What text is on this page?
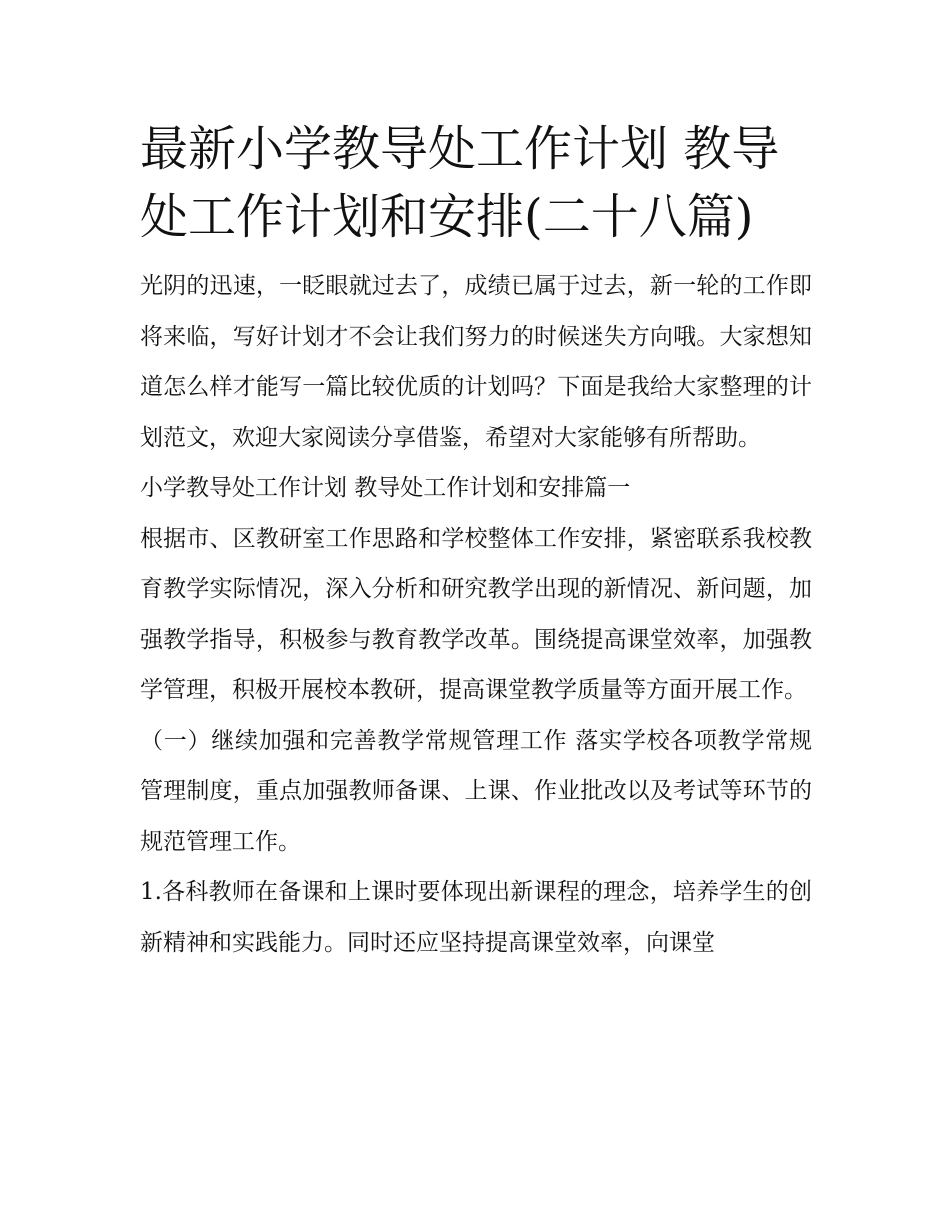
最新小学教导处工作计划 教导处工作计划和安排(二十八篇)

光阴的迅速，一眨眼就过去了，成绩已属于过去，新一轮的工作即将来临，写好计划才不会让我们努力的时候迷失方向哦。大家想知道怎么样才能写一篇比较优质的计划吗？下面是我给大家整理的计划范文，欢迎大家阅读分享借鉴，希望对大家能够有所帮助。

小学教导处工作计划 教导处工作计划和安排篇一

根据市、区教研室工作思路和学校整体工作安排，紧密联系我校教育教学实际情况，深入分析和研究教学出现的新情况、新问题，加强教学指导，积极参与教育教学改革。围绕提高课堂效率，加强教学管理，积极开展校本教研，提高课堂教学质量等方面开展工作。

（一）继续加强和完善教学常规管理工作 落实学校各项教学常规管理制度，重点加强教师备课、上课、作业批改以及考试等环节的规范管理工作。

1.各科教师在备课和上课时要体现出新课程的理念，培养学生的创新精神和实践能力。同时还应坚持提高课堂效率，向课堂
